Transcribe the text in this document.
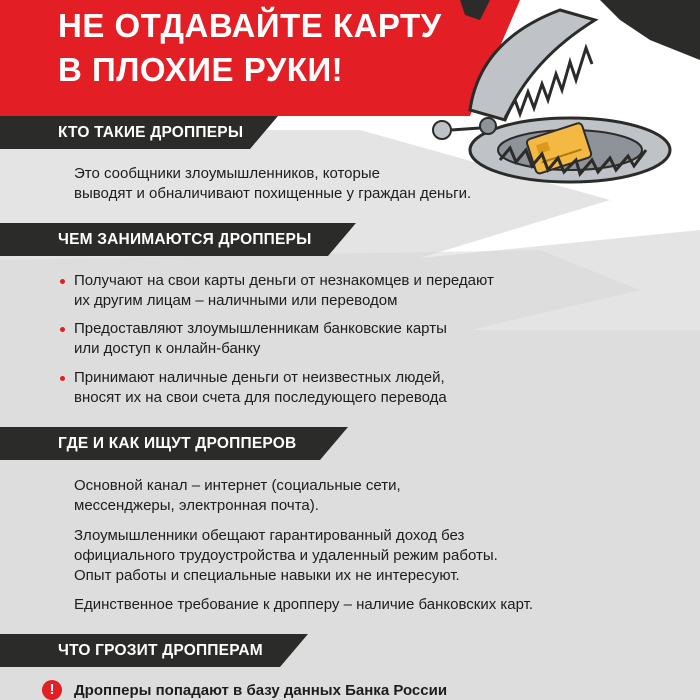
НЕ ОТДАВАЙТЕ КАРТУ
В ПЛОХИЕ РУКИ!
КТО ТАКИЕ ДРОППЕРЫ

Это сообщники злоумышленников, которые
выводят и обналичивают похищенные у граждан деньги.

ЧЕМ ЗАНИМАЮТСЯ ДРОППЕРЫ
Получают на свои карты деньги от незнакомцев и передают
их другим лицам – наличными или переводом
Предоставляют злоумышленникам банковские карты
или доступ к онлайн-банку
Принимают наличные деньги от неизвестных людей,
вносят их на свои счета для последующего перевода
ГДЕ И КАК ИЩУТ ДРОППЕРОВ

Основной канал – интернет (социальные сети,
мессенджеры, электронная почта).

Злоумышленники обещают гарантированный доход без
официального трудоустройства и удаленный режим работы.
Опыт работы и специальные навыки их не интересуют.

Единственное требование к дропперу – наличие банковских карт.

ЧТО ГРОЗИТ ДРОППЕРАМ
!	Дропперы попадают в базу данных Банка России
